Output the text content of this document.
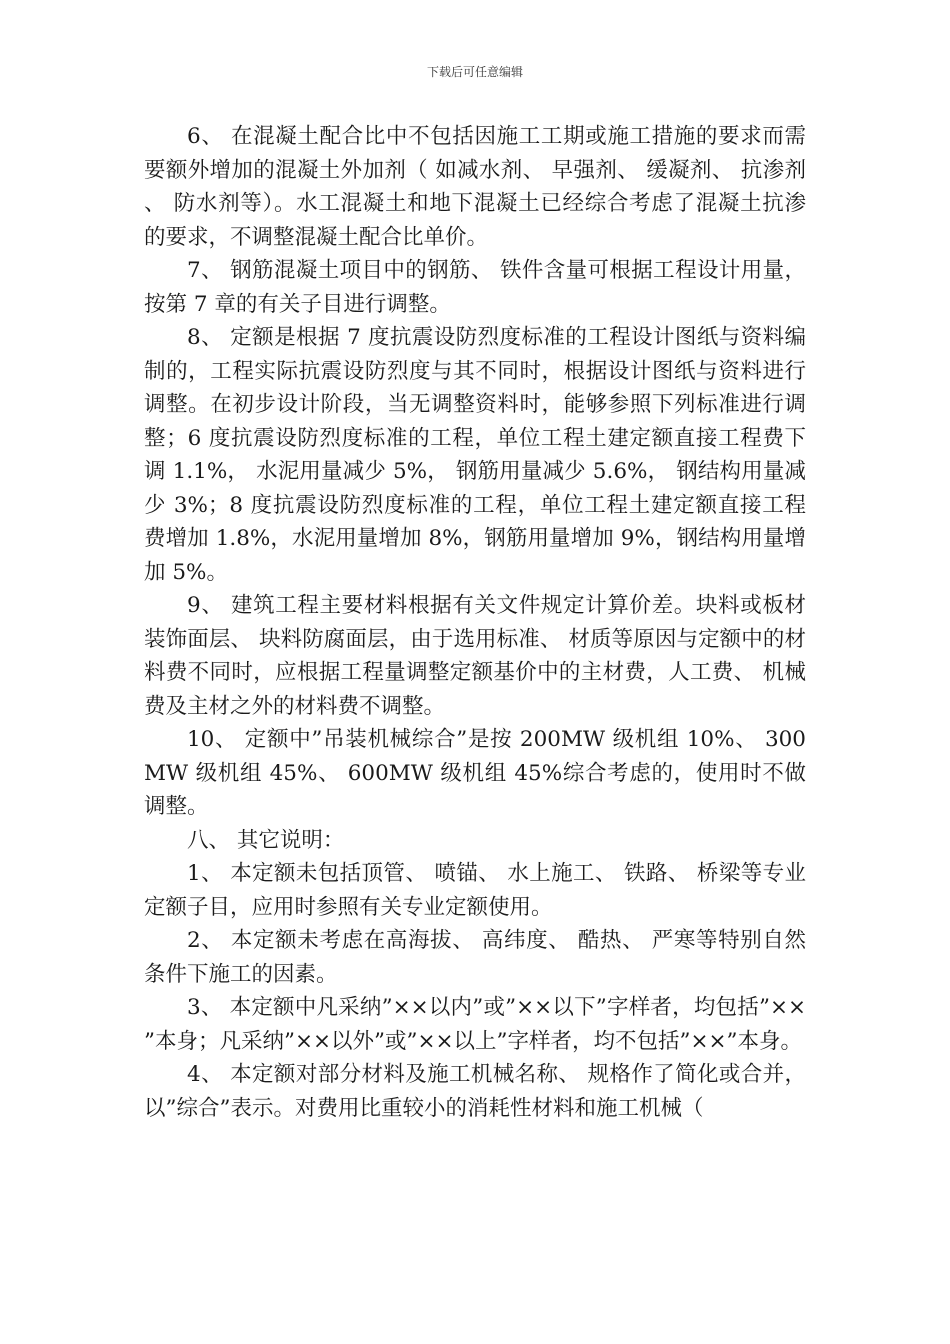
下载后可任意编辑

6、 在混凝土配合比中不包括因施工工期或施工措施的要求而需要额外增加的混凝土外加剂（ 如减水剂、 早强剂、 缓凝剂、 抗渗剂、 防水剂等）。水工混凝土和地下混凝土已经综合考虑了混凝土抗渗的要求，不调整混凝土配合比单价。

7、 钢筋混凝土项目中的钢筋、 铁件含量可根据工程设计用量，按第 7 章的有关子目进行调整。

8、 定额是根据 7 度抗震设防烈度标准的工程设计图纸与资料编制的，工程实际抗震设防烈度与其不同时，根据设计图纸与资料进行调整。在初步设计阶段，当无调整资料时，能够参照下列标准进行调整；6 度抗震设防烈度标准的工程，单位工程土建定额直接工程费下调 1.1%， 水泥用量减少 5%， 钢筋用量减少 5.6%， 钢结构用量减少 3%；8 度抗震设防烈度标准的工程，单位工程土建定额直接工程费增加 1.8%，水泥用量增加 8%，钢筋用量增加 9%，钢结构用量增加 5%。

9、 建筑工程主要材料根据有关文件规定计算价差。块料或板材装饰面层、 块料防腐面层，由于选用标准、 材质等原因与定额中的材料费不同时，应根据工程量调整定额基价中的主材费，人工费、 机械费及主材之外的材料费不调整。

10、 定额中”吊装机械综合”是按 200MW 级机组 10%、 300MW 级机组 45%、 600MW 级机组 45%综合考虑的，使用时不做调整。

八、 其它说明：

1、 本定额未包括顶管、 喷锚、 水上施工、 铁路、 桥梁等专业定额子目，应用时参照有关专业定额使用。

2、 本定额未考虑在高海拔、 高纬度、 酷热、 严寒等特别自然条件下施工的因素。

3、 本定额中凡采纳”××以内”或”××以下”字样者，均包括”××”本身；凡采纳”××以外”或”××以上”字样者，均不包括”××”本身。

4、 本定额对部分材料及施工机械名称、 规格作了简化或合并，以”综合”表示。对费用比重较小的消耗性材料和施工机械（
